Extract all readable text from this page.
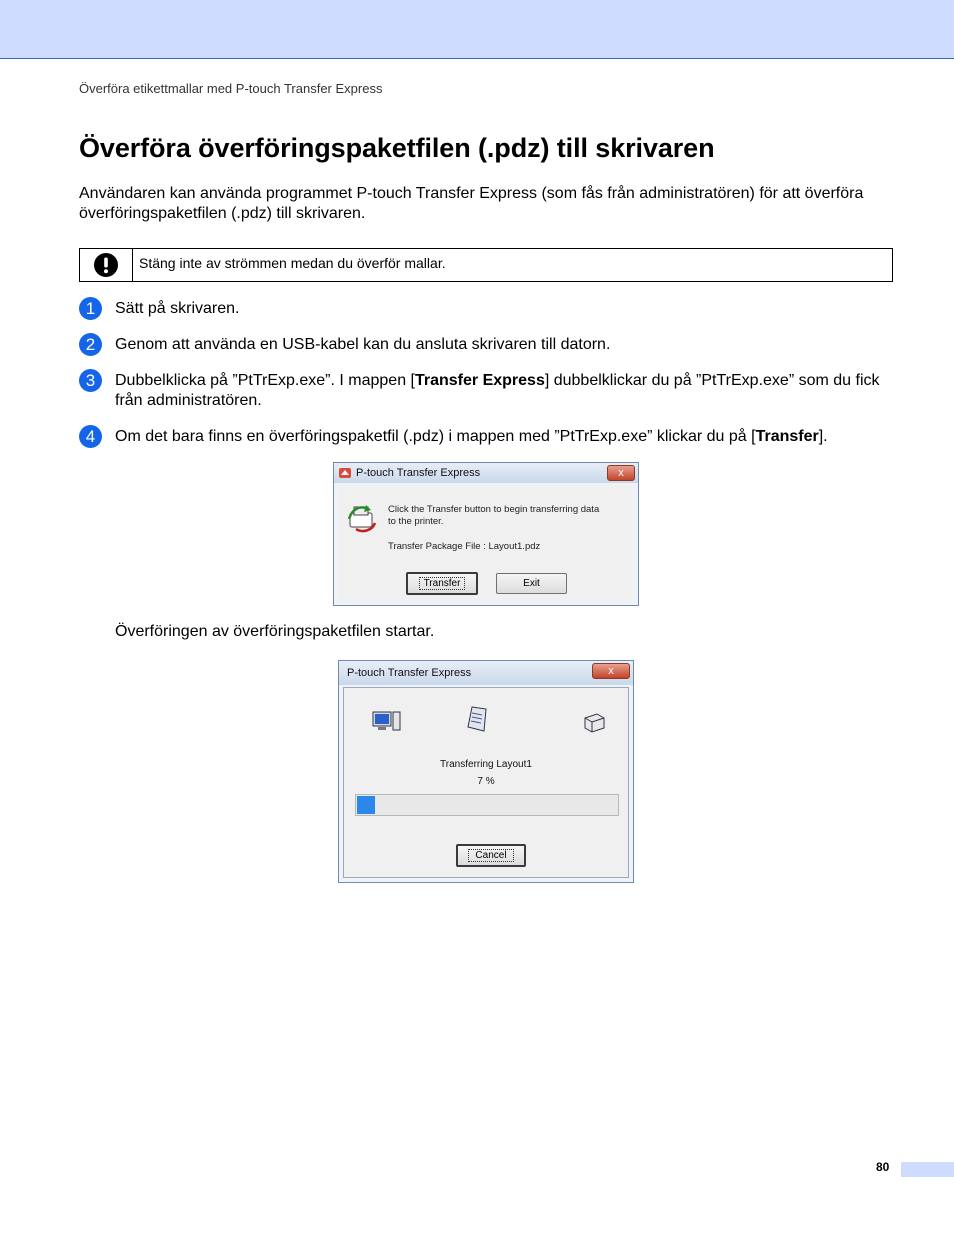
Överföra etikettmallar med P-touch Transfer Express
Överföra överföringspaketfilen (.pdz) till skrivaren

Användaren kan använda programmet P-touch Transfer Express (som fås från administratören) för att överföra överföringspaketfilen (.pdz) till skrivaren.

Stäng inte av strömmen medan du överför mallar.
1	Sätt på skrivaren.
2	Genom att använda en USB-kabel kan du ansluta skrivaren till datorn.
3	Dubbelklicka på ”PtTrExp.exe”. I mappen [Transfer Express] dubbelklickar du på ”PtTrExp.exe” som du fick från administratören.
4	Om det bara finns en överföringspaketfil (.pdz) i mappen med ”PtTrExp.exe” klickar du på [Transfer].
P-touch Transfer Express	x
Click the Transfer button to begin transferring data
to the printer.
Transfer Package File : Layout1.pdz
Transfer	Exit
Överföringen av överföringspaketfilen startar.
P-touch Transfer Express	x
Transferring Layout1
7 %
Cancel
80
